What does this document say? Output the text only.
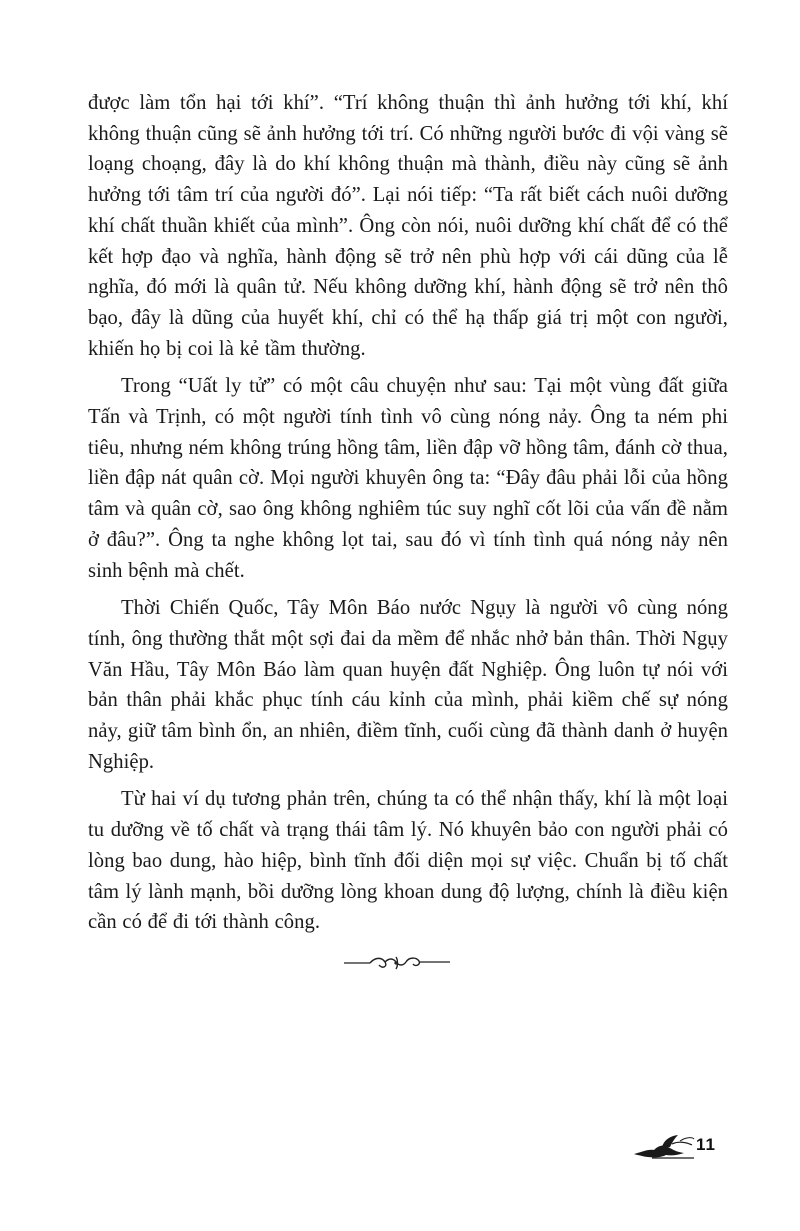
được làm tổn hại tới khí”. “Trí không thuận thì ảnh hưởng tới khí, khí không thuận cũng sẽ ảnh hưởng tới trí. Có những người bước đi vội vàng sẽ loạng choạng, đây là do khí không thuận mà thành, điều này cũng sẽ ảnh hưởng tới tâm trí của người đó”. Lại nói tiếp: “Ta rất biết cách nuôi dưỡng khí chất thuần khiết của mình”. Ông còn nói, nuôi dưỡng khí chất để có thể kết hợp đạo và nghĩa, hành động sẽ trở nên phù hợp với cái dũng của lễ nghĩa, đó mới là quân tử. Nếu không dưỡng khí, hành động sẽ trở nên thô bạo, đây là dũng của huyết khí, chỉ có thể hạ thấp giá trị một con người, khiến họ bị coi là kẻ tầm thường.

Trong “Uất ly tử” có một câu chuyện như sau: Tại một vùng đất giữa Tấn và Trịnh, có một người tính tình vô cùng nóng nảy. Ông ta ném phi tiêu, nhưng ném không trúng hồng tâm, liền đập vỡ hồng tâm, đánh cờ thua, liền đập nát quân cờ. Mọi người khuyên ông ta: “Đây đâu phải lỗi của hồng tâm và quân cờ, sao ông không nghiêm túc suy nghĩ cốt lõi của vấn đề nằm ở đâu?”. Ông ta nghe không lọt tai, sau đó vì tính tình quá nóng nảy nên sinh bệnh mà chết.

Thời Chiến Quốc, Tây Môn Báo nước Ngụy là người vô cùng nóng tính, ông thường thắt một sợi đai da mềm để nhắc nhở bản thân. Thời Ngụy Văn Hầu, Tây Môn Báo làm quan huyện đất Nghiệp. Ông luôn tự nói với bản thân phải khắc phục tính cáu kỉnh của mình, phải kiềm chế sự nóng nảy, giữ tâm bình ổn, an nhiên, điềm tĩnh, cuối cùng đã thành danh ở huyện Nghiệp.

Từ hai ví dụ tương phản trên, chúng ta có thể nhận thấy, khí là một loại tu dưỡng về tố chất và trạng thái tâm lý. Nó khuyên bảo con người phải có lòng bao dung, hào hiệp, bình tĩnh đối diện mọi sự việc. Chuẩn bị tố chất tâm lý lành mạnh, bồi dưỡng lòng khoan dung độ lượng, chính là điều kiện cần có để đi tới thành công.

11
